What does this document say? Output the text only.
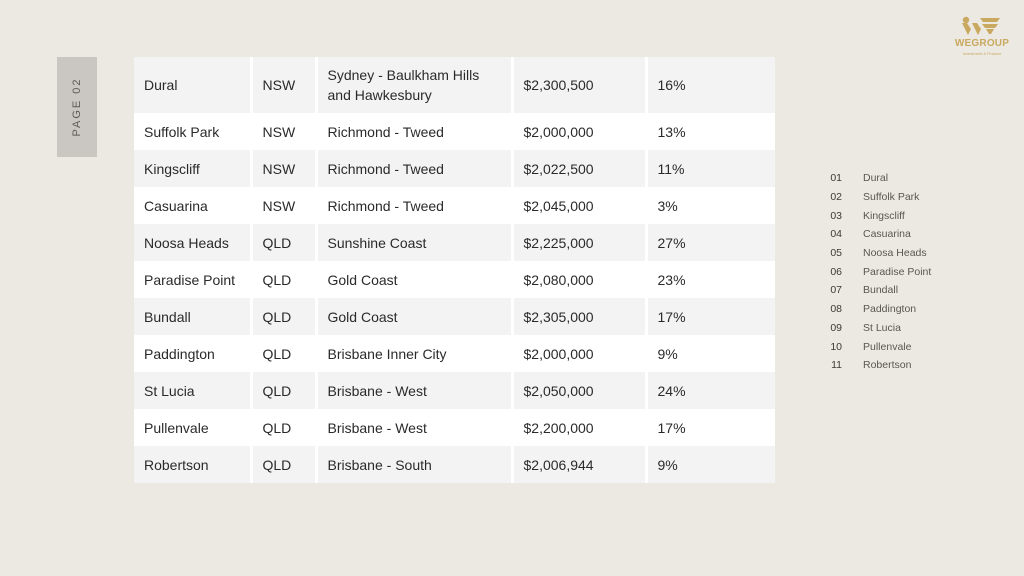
PAGE 02
WEGROUP
Investment & Finance
Dural	NSW	Sydney - Baulkham Hills and Hawkesbury	$2,300,500	16%
Suffolk Park	NSW	Richmond - Tweed	$2,000,000	13%
Kingscliff	NSW	Richmond - Tweed	$2,022,500	11%
Casuarina	NSW	Richmond - Tweed	$2,045,000	3%
Noosa Heads	QLD	Sunshine Coast	$2,225,000	27%
Paradise Point	QLD	Gold Coast	$2,080,000	23%
Bundall	QLD	Gold Coast	$2,305,000	17%
Paddington	QLD	Brisbane Inner City	$2,000,000	9%
St Lucia	QLD	Brisbane - West	$2,050,000	24%
Pullenvale	QLD	Brisbane - West	$2,200,000	17%
Robertson	QLD	Brisbane - South	$2,006,944	9%
01 Dural
02 Suffolk Park
03 Kingscliff
04 Casuarina
05 Noosa Heads
06 Paradise Point
07 Bundall
08 Paddington
09 St Lucia
10 Pullenvale
11 Robertson
